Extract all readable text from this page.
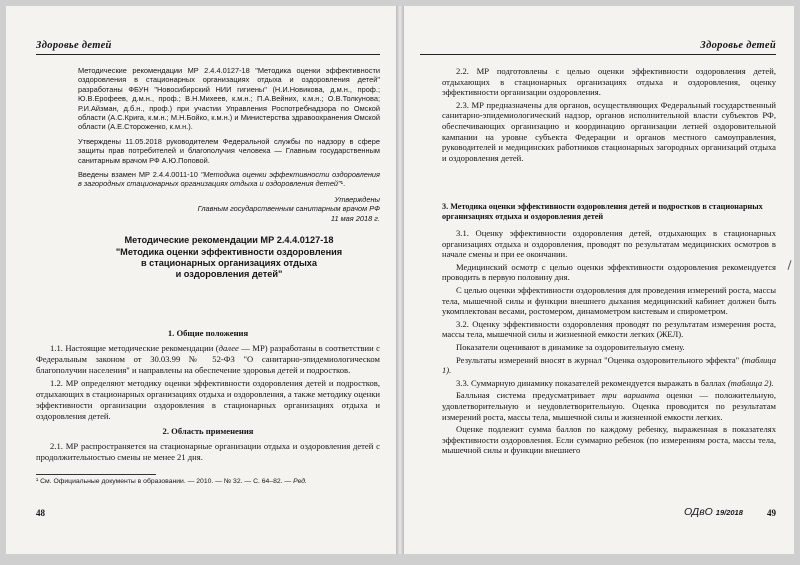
Здоровье детей

Методические рекомендации МР 2.4.4.0127-18 "Методика оценки эффективности оздоровления в стационарных организациях отдыха и оздоровления детей" разработаны ФБУН "Новосибирский НИИ гигиены" (Н.И.Новикова, д.м.н., проф.; Ю.В.Ерофеев, д.м.н., проф.; В.Н.Михеев, к.м.н.; П.А.Вейних, к.м.н.; О.В.Толкунова; Р.И.Айзман, д.б.н., проф.) при участии Управления Роспотребнадзора по Омской области (А.С.Крига, к.м.н.; М.Н.Бойко, к.м.н.) и Министерства здравоохранения Омской области (А.Е.Стороженко, к.м.н.).

Утверждены 11.05.2018 руководителем Федеральной службы по надзору в сфере защиты прав потребителей и благополучия человека — Главным государственным санитарным врачом РФ А.Ю.Поповой.

Введены взамен МР 2.4.4.0011-10 "Методика оценки эффективности оздоровления в загородных стационарных организациях отдыха и оздоровления детей"¹.

Утверждены
Главным государственным санитарным врачом РФ
11 мая 2018 г.
Методические рекомендации МР 2.4.4.0127-18
"Методика оценки эффективности оздоровления
в стационарных организациях отдыха
и оздоровления детей"
1. Общие положения

1.1. Настоящие методические рекомендации (далее — МР) разработаны в соответствии с Федеральным законом от 30.03.99 № 52-ФЗ "О санитарно-эпидемиологическом благополучии населения" и направлены на обеспечение здоровья детей и подростков.

1.2. МР определяют методику оценки эффективности оздоровления детей и подростков, отдыхающих в стационарных организациях отдыха и оздоровления, а также методику оценки эффективности организации оздоровления в стационарных организациях отдыха и оздоровления детей.

2. Область применения

2.1. МР распространяется на стационарные организации отдыха и оздоровления детей с продолжительностью смены не менее 21 дня.

¹ См. Официальные документы в образовании. — 2010. — № 32. — С. 64–82. — Ред.
48
Здоровье детей

2.2. МР подготовлены с целью оценки эффективности оздоровления детей, отдыхающих в стационарных организациях отдыха и оздоровления, оценку эффективности организации оздоровления.

2.3. МР предназначены для органов, осуществляющих Федеральный государственный санитарно-эпидемиологический надзор, органов исполнительной власти субъектов РФ, обеспечивающих организацию и координацию организации летней оздоровительной кампании на уровне субъекта Федерации и органов местного самоуправления, руководителей и медицинских работников стационарных загородных организаций отдыха и оздоровления детей.

3. Методика оценки эффективности оздоровления детей и подростков в стационарных организациях отдыха и оздоровления детей

3.1. Оценку эффективности оздоровления детей, отдыхающих в стационарных организациях отдыха и оздоровления, проводят по результатам медицинских осмотров в начале смены и при ее окончании.

Медицинский осмотр с целью оценки эффективности оздоровления рекомендуется проводить в первую половину дня.

С целью оценки эффективности оздоровления для проведения измерений роста, массы тела, мышечной силы и функции внешнего дыхания медицинский кабинет должен быть укомплектован весами, ростомером, динамометром кистевым и спирометром.

3.2. Оценку эффективности оздоровления проводят по результатам измерения роста, массы тела, мышечной силы и жизненной емкости легких (ЖЕЛ).

Показатели оценивают в динамике за оздоровительную смену.

Результаты измерений вносят в журнал "Оценка оздоровительного эффекта" (таблица 1).

3.3. Суммарную динамику показателей рекомендуется выражать в баллах (таблица 2).

Балльная система предусматривает три варианта оценки — положительную, удовлетворительную и неудовлетворительную. Оценка проводится по результатам измерений роста, массы тела, мышечной силы и жизненной емкости легких.

Оценке подлежит сумма баллов по каждому ребенку, выраженная в показателях эффективности оздоровления. Если суммарно ребенок (по измерениям роста, массы тела, мышечной силы и функции внешнего

ОДвО 19/2018	49
